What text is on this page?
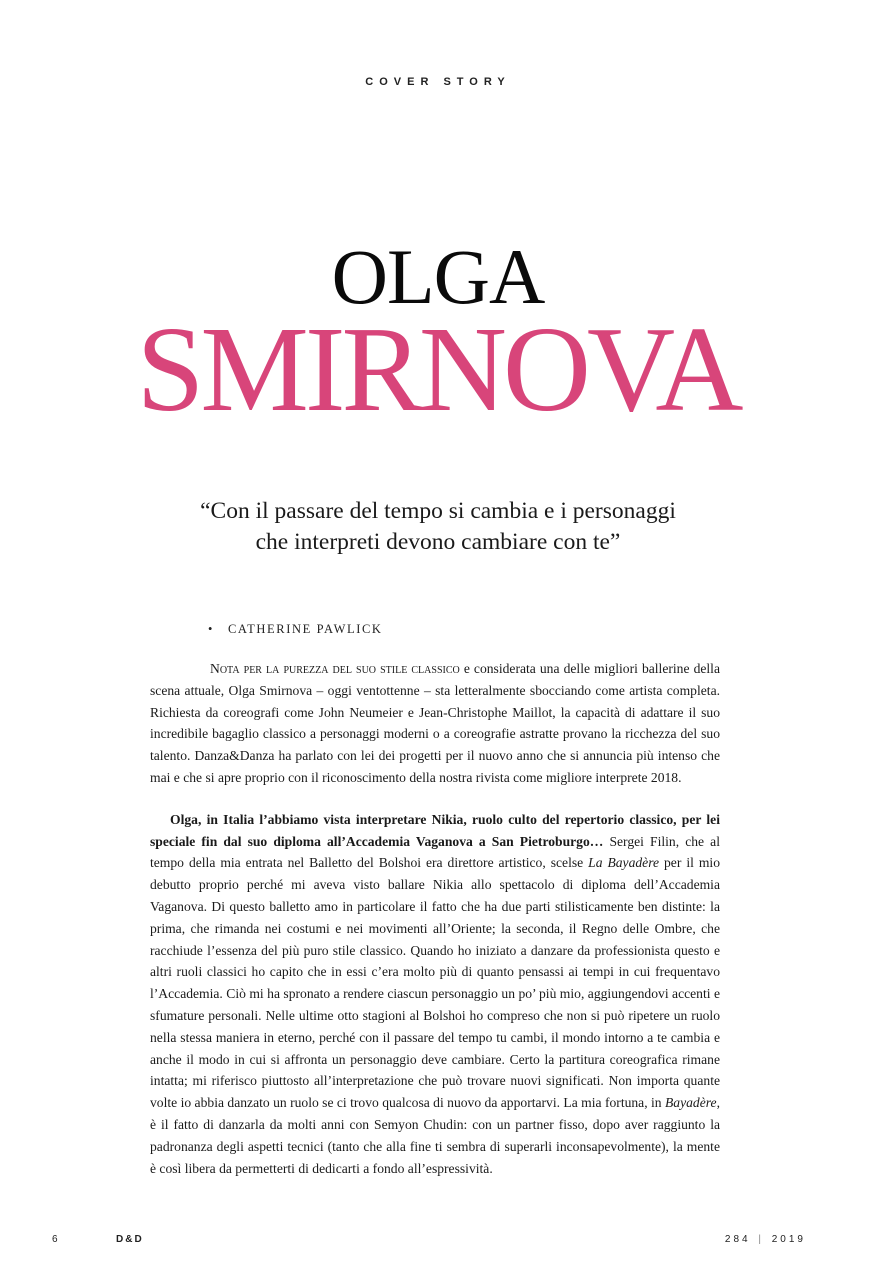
COVER STORY
OLGA
SMIRNOVA
“Con il passare del tempo si cambia e i personaggi
che interpreti devono cambiare con te”
• CATHERINE PAWLICK

Nota per la purezza del suo stile classico e considerata una delle migliori ballerine della scena attuale, Olga Smirnova – oggi ventottenne – sta letteralmente sbocciando come artista completa. Richiesta da coreografi come John Neumeier e Jean-Christophe Maillot, la capacità di adattare il suo incredibile bagaglio classico a personaggi moderni o a coreografie astratte provano la ricchezza del suo talento. Danza&Danza ha parlato con lei dei progetti per il nuovo anno che si annuncia più intenso che mai e che si apre proprio con il riconoscimento della nostra rivista come migliore interprete 2018.

Olga, in Italia l’abbiamo vista interpretare Nikia, ruolo culto del repertorio classico, per lei speciale fin dal suo diploma all’Accademia Vaganova a San Pietroburgo… Sergei Filin, che al tempo della mia entrata nel Balletto del Bolshoi era direttore artistico, scelse La Bayadère per il mio debutto proprio perché mi aveva visto ballare Nikia allo spettacolo di diploma dell’Accademia Vaganova. Di questo balletto amo in particolare il fatto che ha due parti stilisticamente ben distinte: la prima, che rimanda nei costumi e nei movimenti all’Oriente; la seconda, il Regno delle Ombre, che racchiude l’essenza del più puro stile classico. Quando ho iniziato a danzare da professionista questo e altri ruoli classici ho capito che in essi c’era molto più di quanto pensassi ai tempi in cui frequentavo l’Accademia. Ciò mi ha spronato a rendere ciascun personaggio un po’ più mio, aggiungendovi accenti e sfumature personali. Nelle ultime otto stagioni al Bolshoi ho compreso che non si può ripetere un ruolo nella stessa maniera in eterno, perché con il passare del tempo tu cambi, il mondo intorno a te cambia e anche il modo in cui si affronta un personaggio deve cambiare. Certo la partitura coreografica rimane intatta; mi riferisco piuttosto all’interpretazione che può trovare nuovi significati. Non importa quante volte io abbia danzato un ruolo se ci trovo qualcosa di nuovo da apportarvi. La mia fortuna, in Bayadère, è il fatto di danzarla da molti anni con Semyon Chudin: con un partner fisso, dopo aver raggiunto la padronanza degli aspetti tecnici (tanto che alla fine ti sembra di superarli inconsapevolmente), la mente è così libera da permetterti di dedicarti a fondo all’espressività.

6	D&D	284 | 2019
